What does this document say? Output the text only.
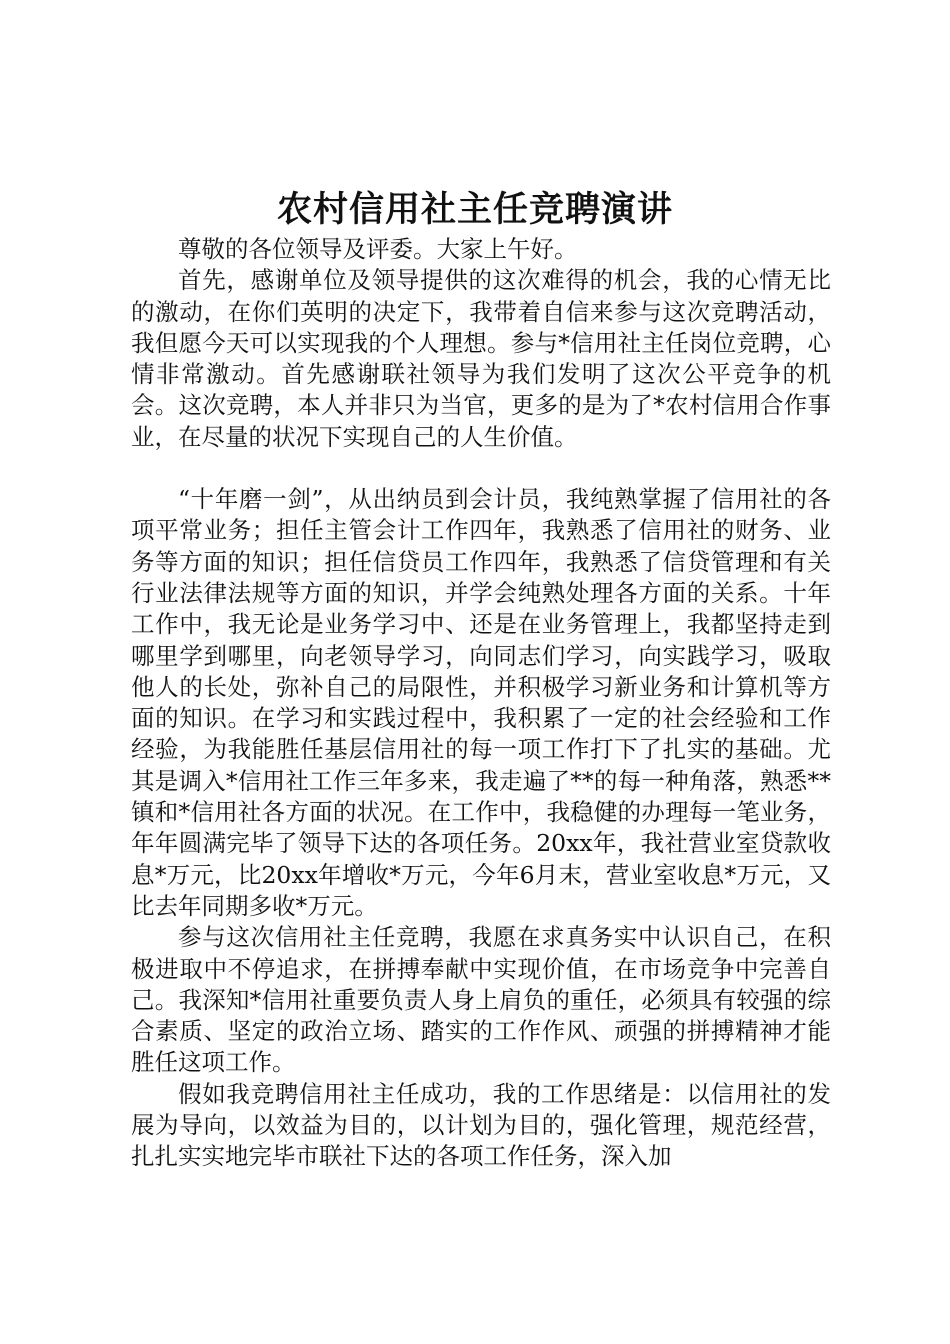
农村信用社主任竞聘演讲

尊敬的各位领导及评委。大家上午好。

首先，感谢单位及领导提供的这次难得的机会，我的心情无比的激动，在你们英明的决定下，我带着自信来参与这次竞聘活动，我但愿今天可以实现我的个人理想。参与*信用社主任岗位竞聘，心情非常激动。首先感谢联社领导为我们发明了这次公平竞争的机会。这次竞聘，本人并非只为当官，更多的是为了*农村信用合作事业，在尽量的状况下实现自己的人生价值。

“十年磨一剑”，从出纳员到会计员，我纯熟掌握了信用社的各项平常业务；担任主管会计工作四年，我熟悉了信用社的财务、业务等方面的知识；担任信贷员工作四年，我熟悉了信贷管理和有关行业法律法规等方面的知识，并学会纯熟处理各方面的关系。十年工作中，我无论是业务学习中、还是在业务管理上，我都坚持走到哪里学到哪里，向老领导学习，向同志们学习，向实践学习，吸取他人的长处，弥补自己的局限性，并积极学习新业务和计算机等方面的知识。在学习和实践过程中，我积累了一定的社会经验和工作经验，为我能胜任基层信用社的每一项工作打下了扎实的基础。尤其是调入*信用社工作三年多来，我走遍了**的每一种角落，熟悉**镇和*信用社各方面的状况。在工作中，我稳健的办理每一笔业务，年年圆满完毕了领导下达的各项任务。20xx年，我社营业室贷款收息*万元，比20xx年增收*万元，今年6月末，营业室收息*万元，又比去年同期多收*万元。

参与这次信用社主任竞聘，我愿在求真务实中认识自己，在积极进取中不停追求，在拼搏奉献中实现价值，在市场竞争中完善自己。我深知*信用社重要负责人身上肩负的重任，必须具有较强的综合素质、坚定的政治立场、踏实的工作作风、顽强的拼搏精神才能胜任这项工作。

假如我竞聘信用社主任成功，我的工作思绪是：以信用社的发展为导向，以效益为目的，以计划为目的，强化管理，规范经营，扎扎实实地完毕市联社下达的各项工作任务，深入加
